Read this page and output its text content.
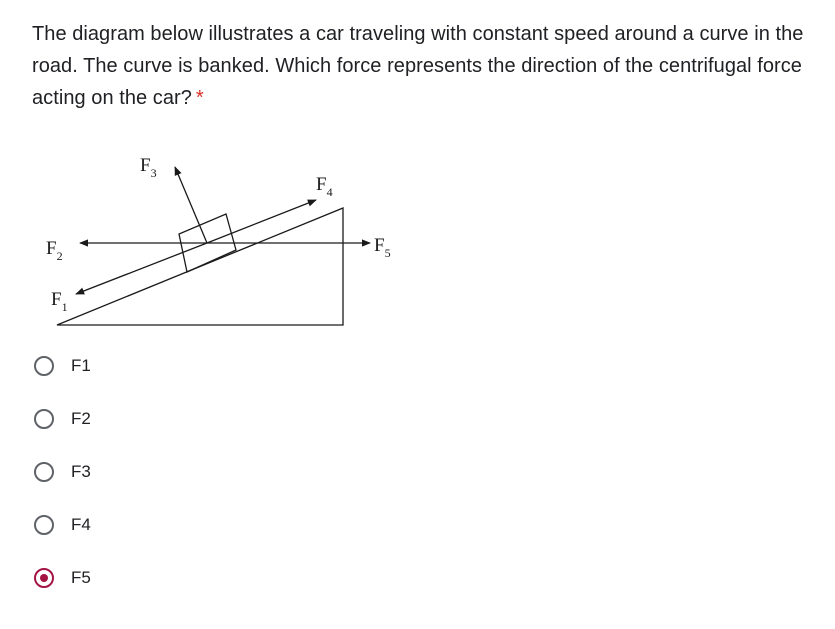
The diagram below illustrates a car traveling with constant speed around a curve in the road. The curve is banked. Which force represents the direction of the centrifugal force acting on the car? *
$F_2$
$F_1$
$F_3$
$F_4$
$F_5$
F1
F2
F3
F4
F5
